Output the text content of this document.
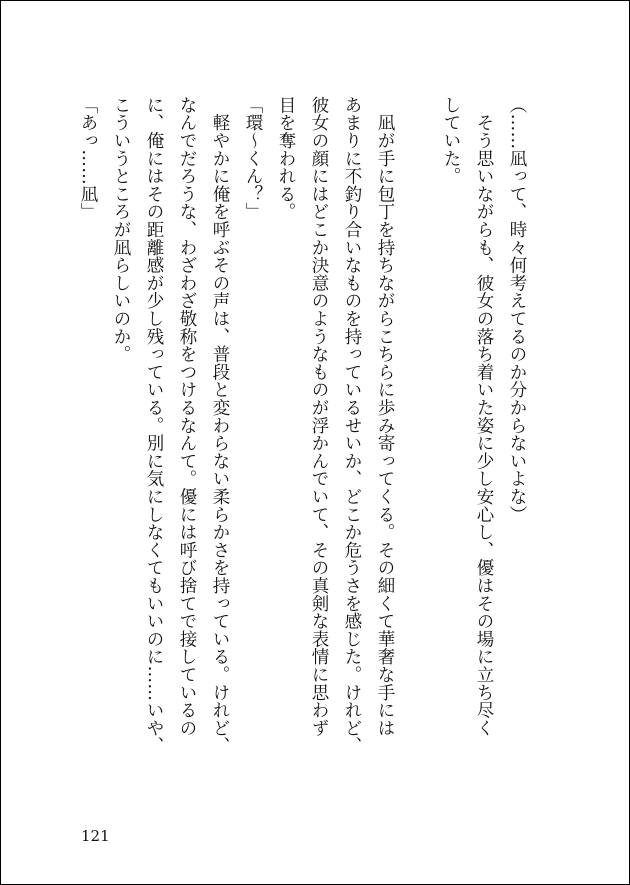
（……凪って、時々何考えてるのか分からないよな）
　そう思いながらも、彼女の落ち着いた姿に少し安心し、優はその場に立ち尽く
していた。
　凪が手に包丁を持ちながらこちらに歩み寄ってくる。その細くて華奢な手には
あまりに不釣り合いなものを持っているせいか、どこか危うさを感じた。けれど、
彼女の顔にはどこか決意のようなものが浮かんでいて、その真剣な表情に思わず
目を奪われる。
「環〜くん？」
　軽やかに俺を呼ぶその声は、普段と変わらない柔らかさを持っている。けれど、
なんでだろうな、わざわざ敬称をつけるなんて。優には呼び捨てで接しているの
に、俺にはその距離感が少し残っている。別に気にしなくてもいいのに……いや、
こういうところが凪らしいのか。
「あっ……凪」
121
